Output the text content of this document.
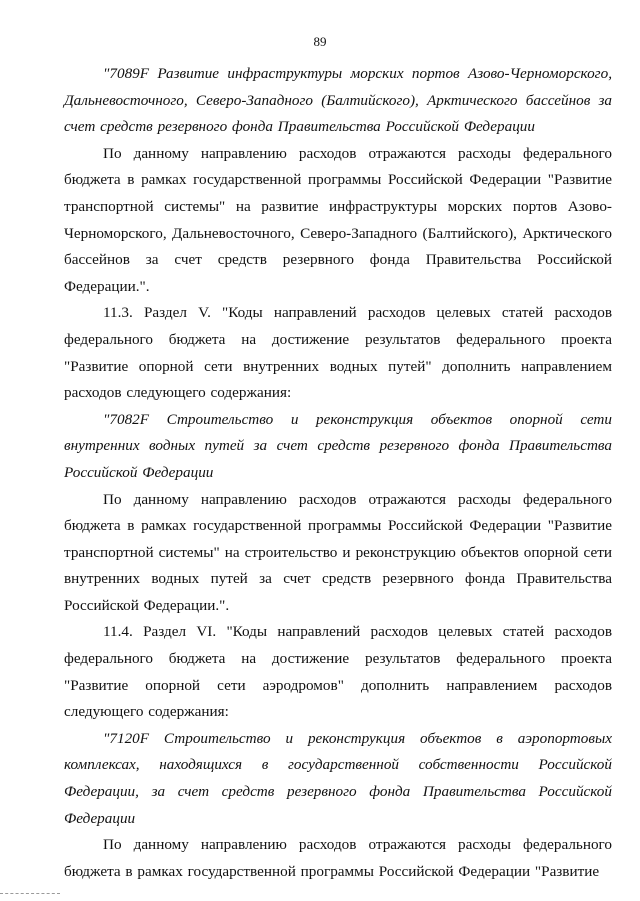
89

"7089F Развитие инфраструктуры морских портов Азово-Черноморского, Дальневосточного, Северо-Западного (Балтийского), Арктического бассейнов за счет средств резервного фонда Правительства Российской Федерации

По данному направлению расходов отражаются расходы федерального бюджета в рамках государственной программы Российской Федерации "Развитие транспортной системы" на развитие инфраструктуры морских портов Азово-Черноморского, Дальневосточного, Северо-Западного (Балтийского), Арктического бассейнов за счет средств резервного фонда Правительства Российской Федерации.".

11.3. Раздел V. "Коды направлений расходов целевых статей расходов федерального бюджета на достижение результатов федерального проекта "Развитие опорной сети внутренних водных путей" дополнить направлением расходов следующего содержания:

"7082F Строительство и реконструкция объектов опорной сети внутренних водных путей за счет средств резервного фонда Правительства Российской Федерации

По данному направлению расходов отражаются расходы федерального бюджета в рамках государственной программы Российской Федерации "Развитие транспортной системы" на строительство и реконструкцию объектов опорной сети внутренних водных путей за счет средств резервного фонда Правительства Российской Федерации.".

11.4. Раздел VI. "Коды направлений расходов целевых статей расходов федерального бюджета на достижение результатов федерального проекта "Развитие опорной сети аэродромов" дополнить направлением расходов следующего содержания:

"7120F Строительство и реконструкция объектов в аэропортовых комплексах, находящихся в государственной собственности Российской Федерации, за счет средств резервного фонда Правительства Российской Федерации

По данному направлению расходов отражаются расходы федерального бюджета в рамках государственной программы Российской Федерации "Развитие
